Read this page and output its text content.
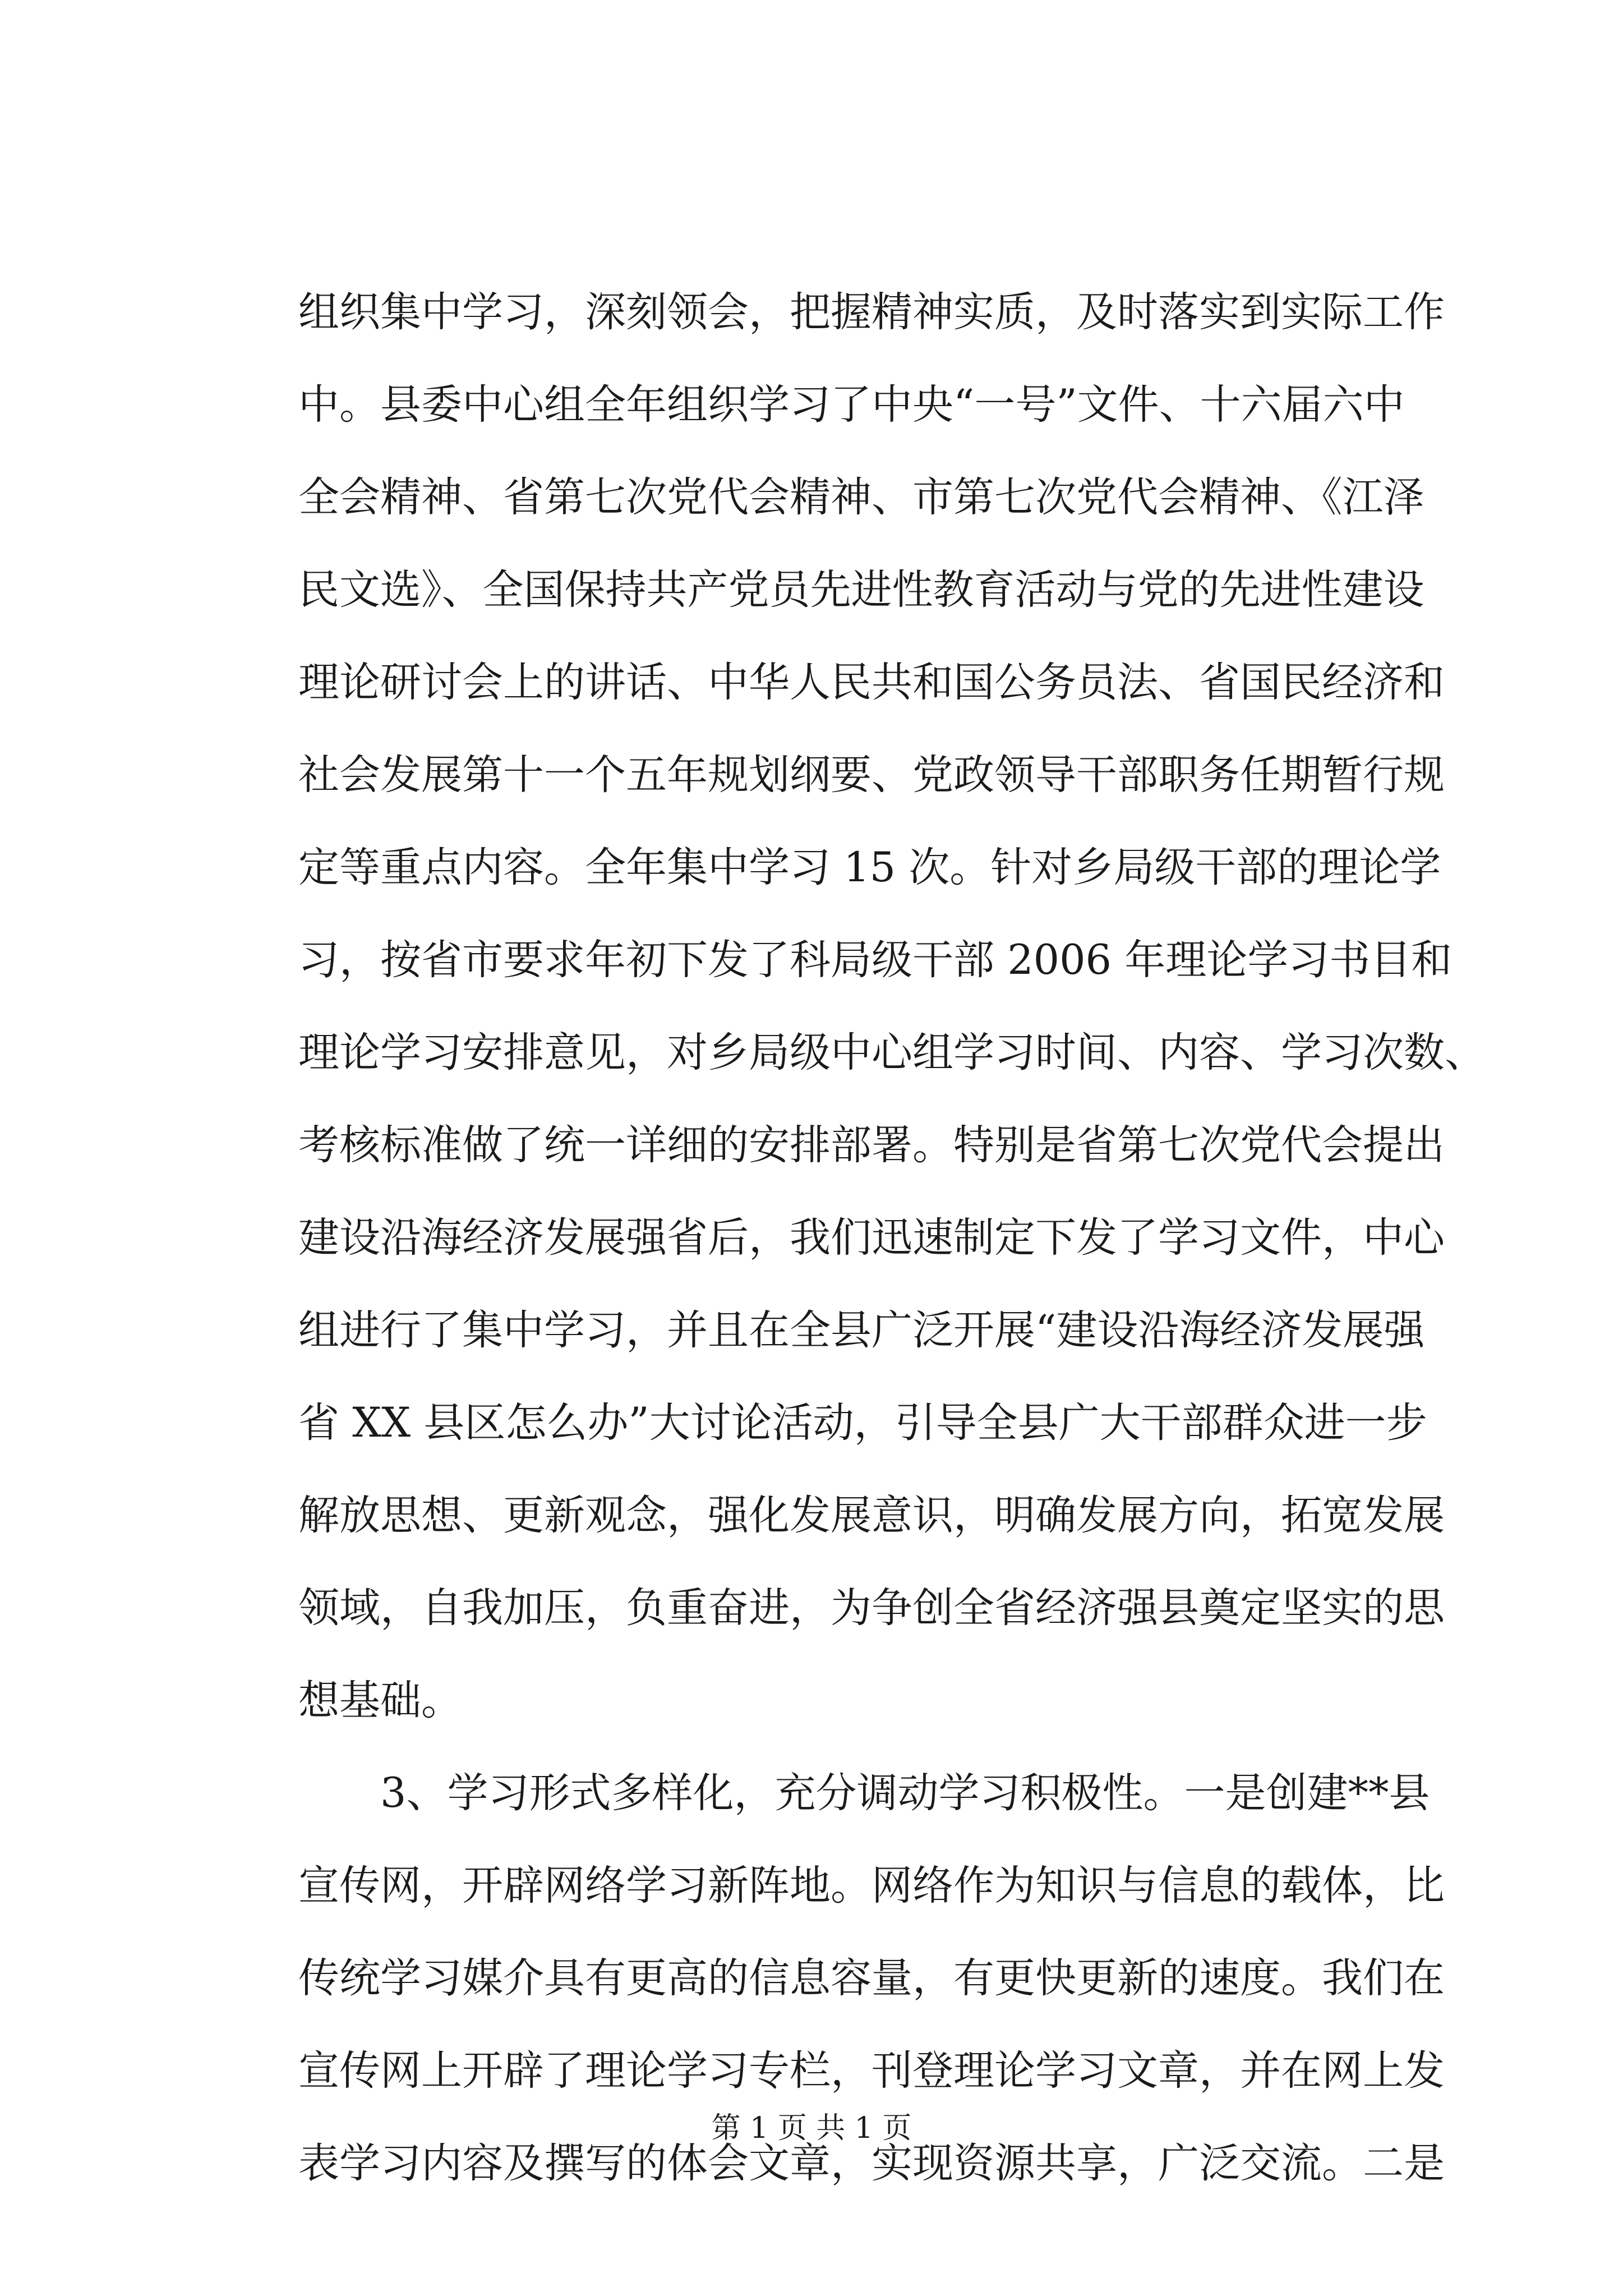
组织集中学习，深刻领会，把握精神实质，及时落实到实际工作
中。县委中心组全年组织学习了中央“一号”文件、十六届六中
全会精神、省第七次党代会精神、市第七次党代会精神、《江泽
民文选》、全国保持共产党员先进性教育活动与党的先进性建设
理论研讨会上的讲话、中华人民共和国公务员法、省国民经济和
社会发展第十一个五年规划纲要、党政领导干部职务任期暂行规
定等重点内容。全年集中学习 15 次。针对乡局级干部的理论学
习，按省市要求年初下发了科局级干部 2006 年理论学习书目和
理论学习安排意见，对乡局级中心组学习时间、内容、学习次数、
考核标准做了统一详细的安排部署。特别是省第七次党代会提出
建设沿海经济发展强省后，我们迅速制定下发了学习文件，中心
组进行了集中学习，并且在全县广泛开展“建设沿海经济发展强
省 XX 县区怎么办”大讨论活动，引导全县广大干部群众进一步
解放思想、更新观念，强化发展意识，明确发展方向，拓宽发展
领域，自我加压，负重奋进，为争创全省经济强县奠定坚实的思
想基础。
3、学习形式多样化，充分调动学习积极性。一是创建**县
宣传网，开辟网络学习新阵地。网络作为知识与信息的载体，比
传统学习媒介具有更高的信息容量，有更快更新的速度。我们在
宣传网上开辟了理论学习专栏，刊登理论学习文章，并在网上发
表学习内容及撰写的体会文章，实现资源共享，广泛交流。二是
第 1 页 共 1 页
